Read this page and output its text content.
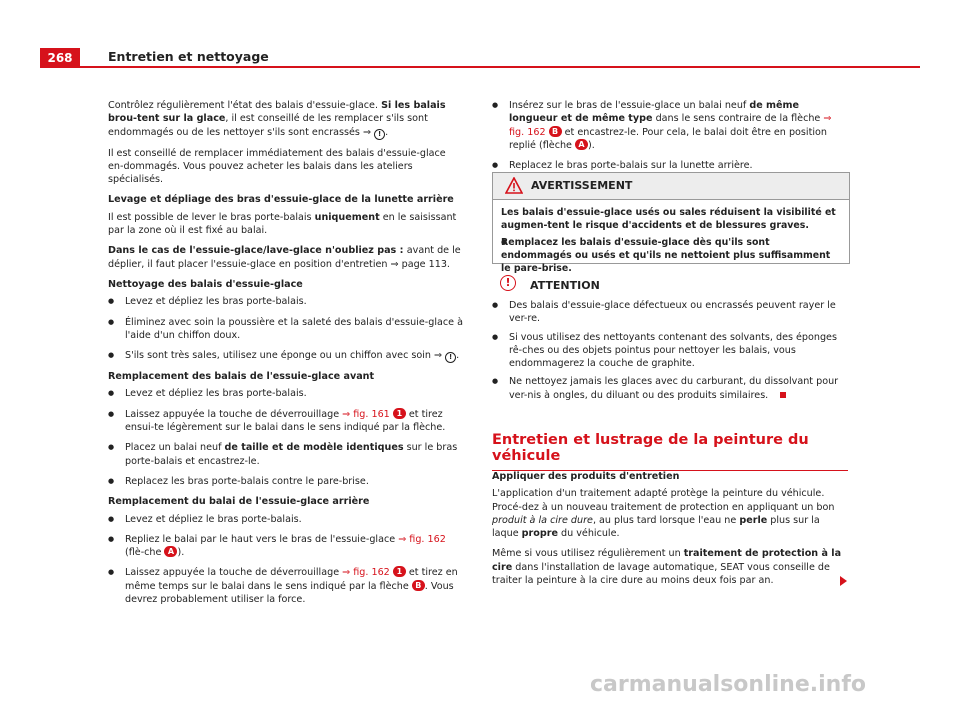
268	Entretien et nettoyage

Contrôlez régulièrement l'état des balais d'essuie-glace. Si les balais brou-tent sur la glace, il est conseillé de les remplacer s'ils sont endommagés ou de les nettoyer s'ils sont encrassés ⇒ ! .

Il est conseillé de remplacer immédiatement des balais d'essuie-glace en-dommagés. Vous pouvez acheter les balais dans les ateliers spécialisés.

Levage et dépliage des bras d'essuie-glace de la lunette arrière

Il est possible de lever le bras porte-balais uniquement en le saisissant par la zone où il est fixé au balai.

Dans le cas de l'essuie-glace/lave-glace n'oubliez pas : avant de le déplier, il faut placer l'essuie-glace en position d'entretien ⇒ page 113.

Nettoyage des balais d'essuie-glace

● Levez et dépliez les bras porte-balais.

● Éliminez avec soin la poussière et la saleté des balais d'essuie-glace à l'aide d'un chiffon doux.

● S'ils sont très sales, utilisez une éponge ou un chiffon avec soin ⇒ ! .

Remplacement des balais de l'essuie-glace avant

● Levez et dépliez les bras porte-balais.

● Laissez appuyée la touche de déverrouillage ⇒ fig. 161 1 et tirez ensui-te légèrement sur le balai dans le sens indiqué par la flèche.

● Placez un balai neuf de taille et de modèle identiques sur le bras porte-balais et encastrez-le.

● Replacez les bras porte-balais contre le pare-brise.

Remplacement du balai de l'essuie-glace arrière

● Levez et dépliez le bras porte-balais.

● Repliez le balai par le haut vers le bras de l'essuie-glace ⇒ fig. 162 (flè-che A ).

● Laissez appuyée la touche de déverrouillage ⇒ fig. 162 1 et tirez en même temps sur le balai dans le sens indiqué par la flèche B . Vous devrez probablement utiliser la force.

● Insérez sur le bras de l'essuie-glace un balai neuf de même longueur et de même type dans le sens contraire de la flèche ⇒ fig. 162 B et encastrez-le. Pour cela, le balai doit être en position replié (flèche A ).

● Replacez le bras porte-balais sur la lunette arrière.

AVERTISSEMENT

Les balais d'essuie-glace usés ou sales réduisent la visibilité et augmen-tent le risque d'accidents et de blessures graves.

● Remplacez les balais d'essuie-glace dès qu'ils sont endommagés ou usés et qu'ils ne nettoient plus suffisamment le pare-brise.

!	ATTENTION

● Des balais d'essuie-glace défectueux ou encrassés peuvent rayer le ver-re.

● Si vous utilisez des nettoyants contenant des solvants, des éponges rê-ches ou des objets pointus pour nettoyer les balais, vous endommagerez la couche de graphite.

● Ne nettoyez jamais les glaces avec du carburant, du dissolvant pour ver-nis à ongles, du diluant ou des produits similaires.

Entretien et lustrage de la peinture du véhicule

Appliquer des produits d'entretien

L'application d'un traitement adapté protège la peinture du véhicule. Procé-dez à un nouveau traitement de protection en appliquant un bon produit à la cire dure, au plus tard lorsque l'eau ne perle plus sur la laque propre du véhicule.

Même si vous utilisez régulièrement un traitement de protection à la cire dans l'installation de lavage automatique, SEAT vous conseille de traiter la peinture à la cire dure au moins deux fois par an.

carmanualsonline.info
